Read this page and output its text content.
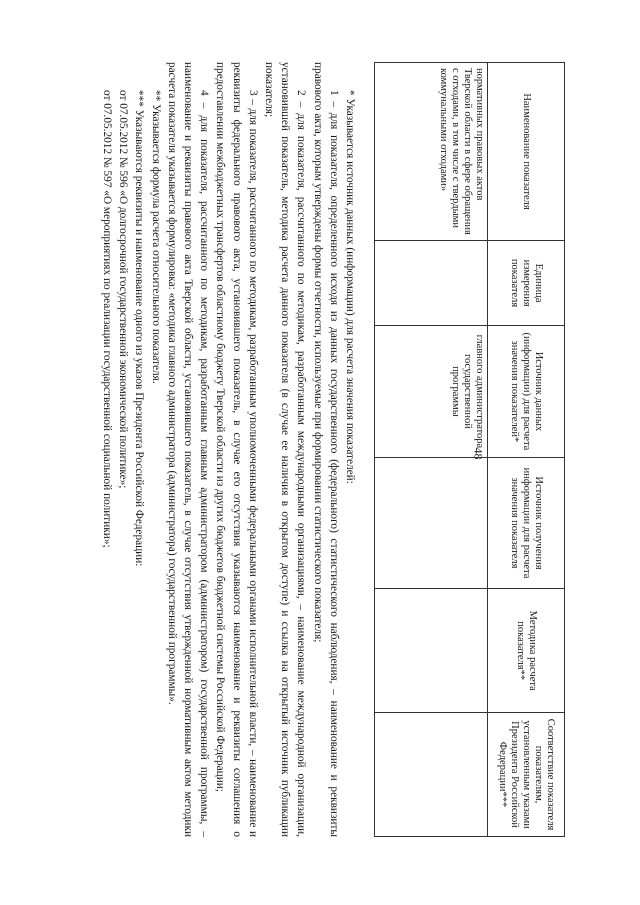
48
Наименование показателя	Единица измерения показателя	Источник данных (информации) для расчета значения показателей*	Источник получения информации для расчета значения показателя	Методика расчета показателя**	Соответствие показателя показателям, установленным указами Президента Российской Федерации***
нормативных правовых актов Тверской области в сфере обращения с отходами, в том числе с твердыми коммунальными отходами»		главного администратора государственной программы			

* Указывается источник данных (информации) для расчета значения показателей:

1 – для показателя, определенного исходя из данных государственного (федерального) статистического наблюдения, – наименование и реквизиты правового акта, которым утверждены формы отчетности, используемые при формировании статистического показателя;

2 – для показателя, рассчитанного по методикам, разработанным международными организациями, – наименование международной организации, установившей показатель, методика расчета данного показателя (в случае ее наличия в открытом доступе) и ссылка на открытый источник публикации показателя;

3 – для показателя, рассчитанного по методикам, разработанным уполномоченными федеральными органами исполнительной власти, – наименование и реквизиты федерального правового акта, установившего показатель, в случае его отсутствия указываются наименование и реквизиты соглашения о предоставлении межбюджетных трансфертов областному бюджету Тверской области из других бюджетов бюджетной системы Российской Федерации;

4 – для показателя, рассчитанного по методикам, разработанным главным администратором (администратором) государственной программы, – наименование и реквизиты правового акта Тверской области, установившего показатель, в случае отсутствия утвержденной нормативным актом методики расчета показателя указывается формулировка: «методика главного администратора (администратора) государственной программы».

** Указывается формула расчета относительного показателя.

*** Указываются реквизиты и наименование одного из указов Президента Российской Федерации:

от 07.05.2012 № 596 «О долгосрочной государственной экономической политике»;

от 07.05.2012 № 597 «О мероприятиях по реализации государственной социальной политики»;
